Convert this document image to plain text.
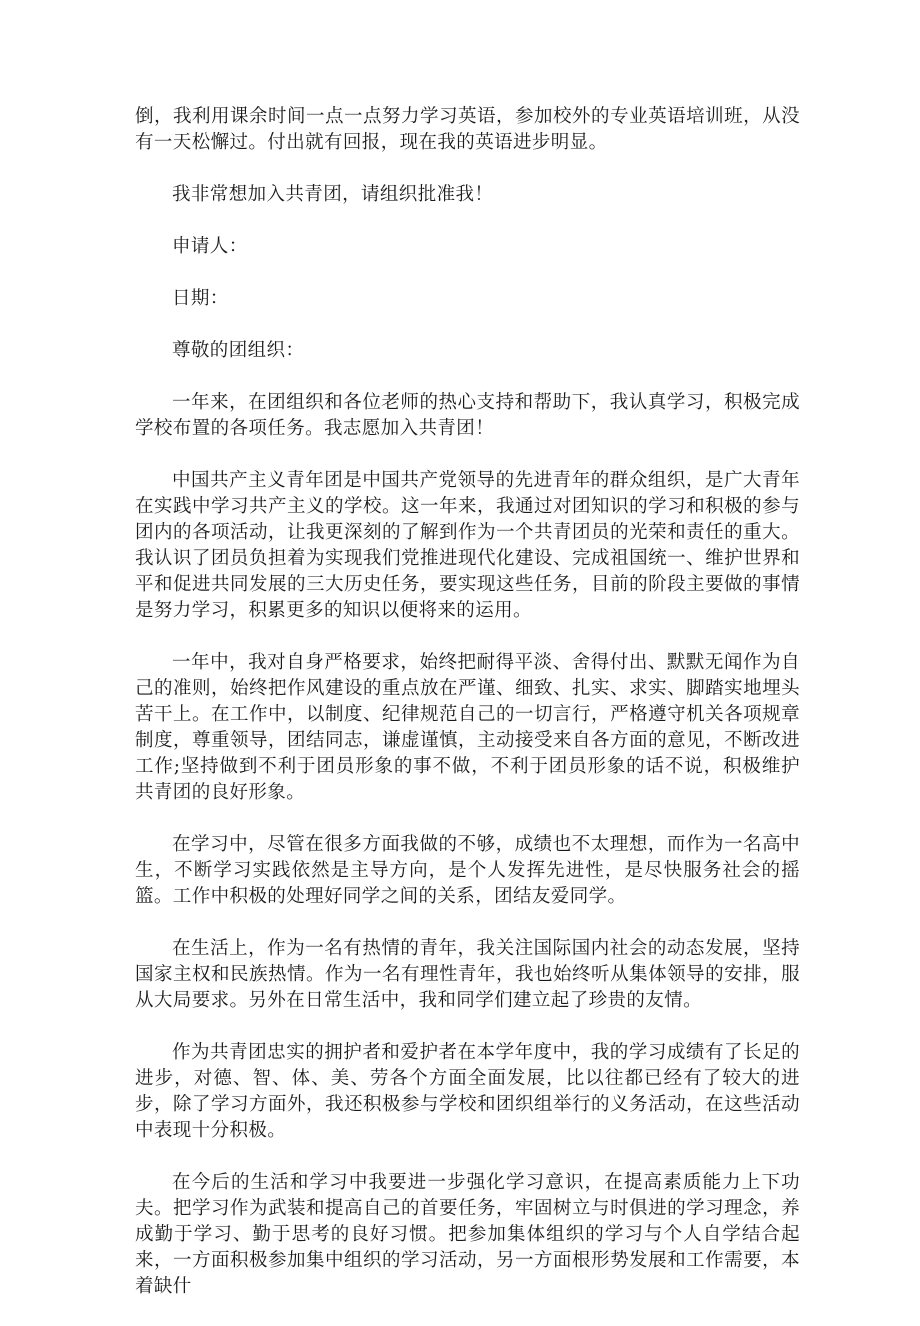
倒，我利用课余时间一点一点努力学习英语，参加校外的专业英语培训班，从没有一天松懈过。付出就有回报，现在我的英语进步明显。

我非常想加入共青团，请组织批准我！

申请人：

日期：

尊敬的团组织：

一年来，在团组织和各位老师的热心支持和帮助下，我认真学习，积极完成学校布置的各项任务。我志愿加入共青团！

中国共产主义青年团是中国共产党领导的先进青年的群众组织，是广大青年在实践中学习共产主义的学校。这一年来，我通过对团知识的学习和积极的参与团内的各项活动，让我更深刻的了解到作为一个共青团员的光荣和责任的重大。我认识了团员负担着为实现我们党推进现代化建设、完成祖国统一、维护世界和平和促进共同发展的三大历史任务，要实现这些任务，目前的阶段主要做的事情是努力学习，积累更多的知识以便将来的运用。

一年中，我对自身严格要求，始终把耐得平淡、舍得付出、默默无闻作为自己的准则，始终把作风建设的重点放在严谨、细致、扎实、求实、脚踏实地埋头苦干上。在工作中，以制度、纪律规范自己的一切言行，严格遵守机关各项规章制度，尊重领导，团结同志，谦虚谨慎，主动接受来自各方面的意见，不断改进工作;坚持做到不利于团员形象的事不做，不利于团员形象的话不说，积极维护共青团的良好形象。

在学习中，尽管在很多方面我做的不够，成绩也不太理想，而作为一名高中生，不断学习实践依然是主导方向，是个人发挥先进性，是尽快服务社会的摇篮。工作中积极的处理好同学之间的关系，团结友爱同学。

在生活上，作为一名有热情的青年，我关注国际国内社会的动态发展，坚持国家主权和民族热情。作为一名有理性青年，我也始终听从集体领导的安排，服从大局要求。另外在日常生活中，我和同学们建立起了珍贵的友情。

作为共青团忠实的拥护者和爱护者在本学年度中，我的学习成绩有了长足的进步，对德、智、体、美、劳各个方面全面发展，比以往都已经有了较大的进步，除了学习方面外，我还积极参与学校和团织组举行的义务活动，在这些活动中表现十分积极。

在今后的生活和学习中我要进一步强化学习意识，在提高素质能力上下功夫。把学习作为武装和提高自己的首要任务，牢固树立与时俱进的学习理念，养成勤于学习、勤于思考的良好习惯。把参加集体组织的学习与个人自学结合起来，一方面积极参加集中组织的学习活动，另一方面根形势发展和工作需要，本着缺什
